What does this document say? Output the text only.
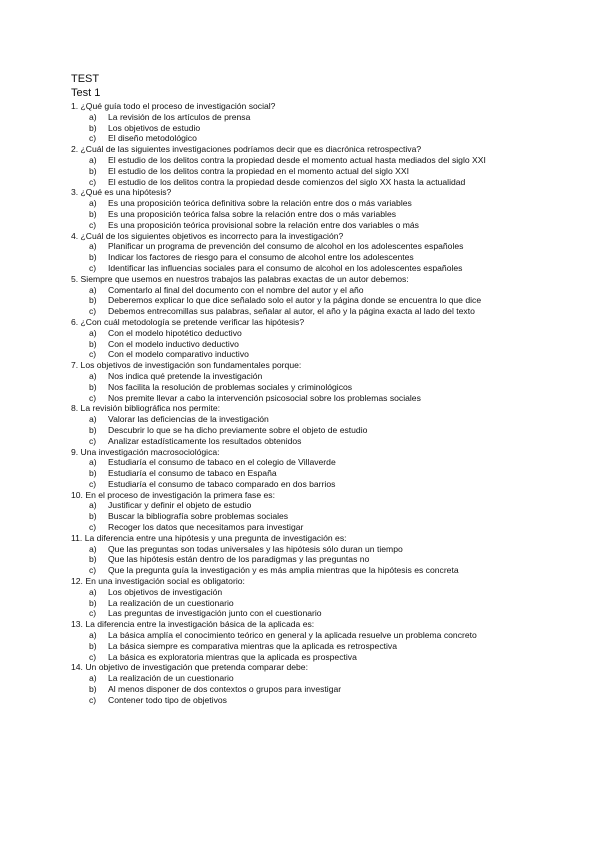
TEST

Test 1

1. ¿Qué guía todo el proceso de investigación social?

a) La revisión de los artículos de prensa

b) Los objetivos de estudio

c) El diseño metodológico

2. ¿Cuál de las siguientes investigaciones podríamos decir que es diacrónica retrospectiva?

a) El estudio de los delitos contra la propiedad desde el momento actual hasta mediados del siglo XXI

b) El estudio de los delitos contra la propiedad en el momento actual del siglo XXI

c) El estudio de los delitos contra la propiedad desde comienzos del siglo XX hasta la actualidad

3. ¿Qué es una hipótesis?

a) Es una proposición teórica definitiva sobre la relación entre dos o más variables

b) Es una proposición teórica falsa sobre la relación entre dos o más variables

c) Es una proposición teórica provisional sobre la relación entre dos variables o más

4. ¿Cuál de los siguientes objetivos es incorrecto para la investigación?

a) Planificar un programa de prevención del consumo de alcohol en los adolescentes españoles

b) Indicar los factores de riesgo para el consumo de alcohol entre los adolescentes

c) Identificar las influencias sociales para el consumo de alcohol en los adolescentes españoles

5. Siempre que usemos en nuestros trabajos las palabras exactas de un autor debemos:

a) Comentarlo al final del documento con el nombre del autor y el año

b) Deberemos explicar lo que dice señalado solo el autor y la página donde se encuentra lo que dice

c) Debemos entrecomillas sus palabras, señalar al autor, el año y la página exacta al lado del texto

6. ¿Con cuál metodología se pretende verificar las hipótesis?

a) Con el modelo hipotético deductivo

b) Con el modelo inductivo deductivo

c) Con el modelo comparativo inductivo

7. Los objetivos de investigación son fundamentales porque:

a) Nos indica qué pretende la investigación

b) Nos facilita la resolución de problemas sociales y criminológicos

c) Nos premite llevar a cabo la intervención psicosocial sobre los problemas sociales

8. La revisión bibliográfica nos permite:

a) Valorar las deficiencias de la investigación

b) Descubrir lo que se ha dicho previamente sobre el objeto de estudio

c) Analizar estadísticamente los resultados obtenidos

9. Una investigación macrosociológica:

a) Estudiaría el consumo de tabaco en el colegio de Villaverde

b) Estudiaría el consumo de tabaco en España

c) Estudiaría el consumo de tabaco comparado en dos barrios

10. En el proceso de investigación la primera fase es:

a) Justificar y definir el objeto de estudio

b) Buscar la bibliografía sobre problemas sociales

c) Recoger los datos que necesitamos para investigar

11. La diferencia entre una hipótesis y una pregunta de investigación es:

a) Que las preguntas son todas universales y las hipótesis sólo duran un tiempo

b) Que las hipótesis están dentro de los paradigmas y las preguntas no

c) Que la pregunta guía la investigación y es más amplia mientras que la hipótesis es concreta

12. En una investigación social es obligatorio:

a) Los objetivos de investigación

b) La realización de un cuestionario

c) Las preguntas de investigación junto con el cuestionario

13. La diferencia entre la investigación básica de la aplicada es:

a) La básica amplía el conocimiento teórico en general y la aplicada resuelve un problema concreto

b) La básica siempre es comparativa mientras que la aplicada es retrospectiva

c) La básica es exploratoria mientras que la aplicada es prospectiva

14. Un objetivo de investigación que pretenda comparar debe:

a) La realización de un cuestionario

b) Al menos disponer de dos contextos o grupos para investigar

c) Contener todo tipo de objetivos
